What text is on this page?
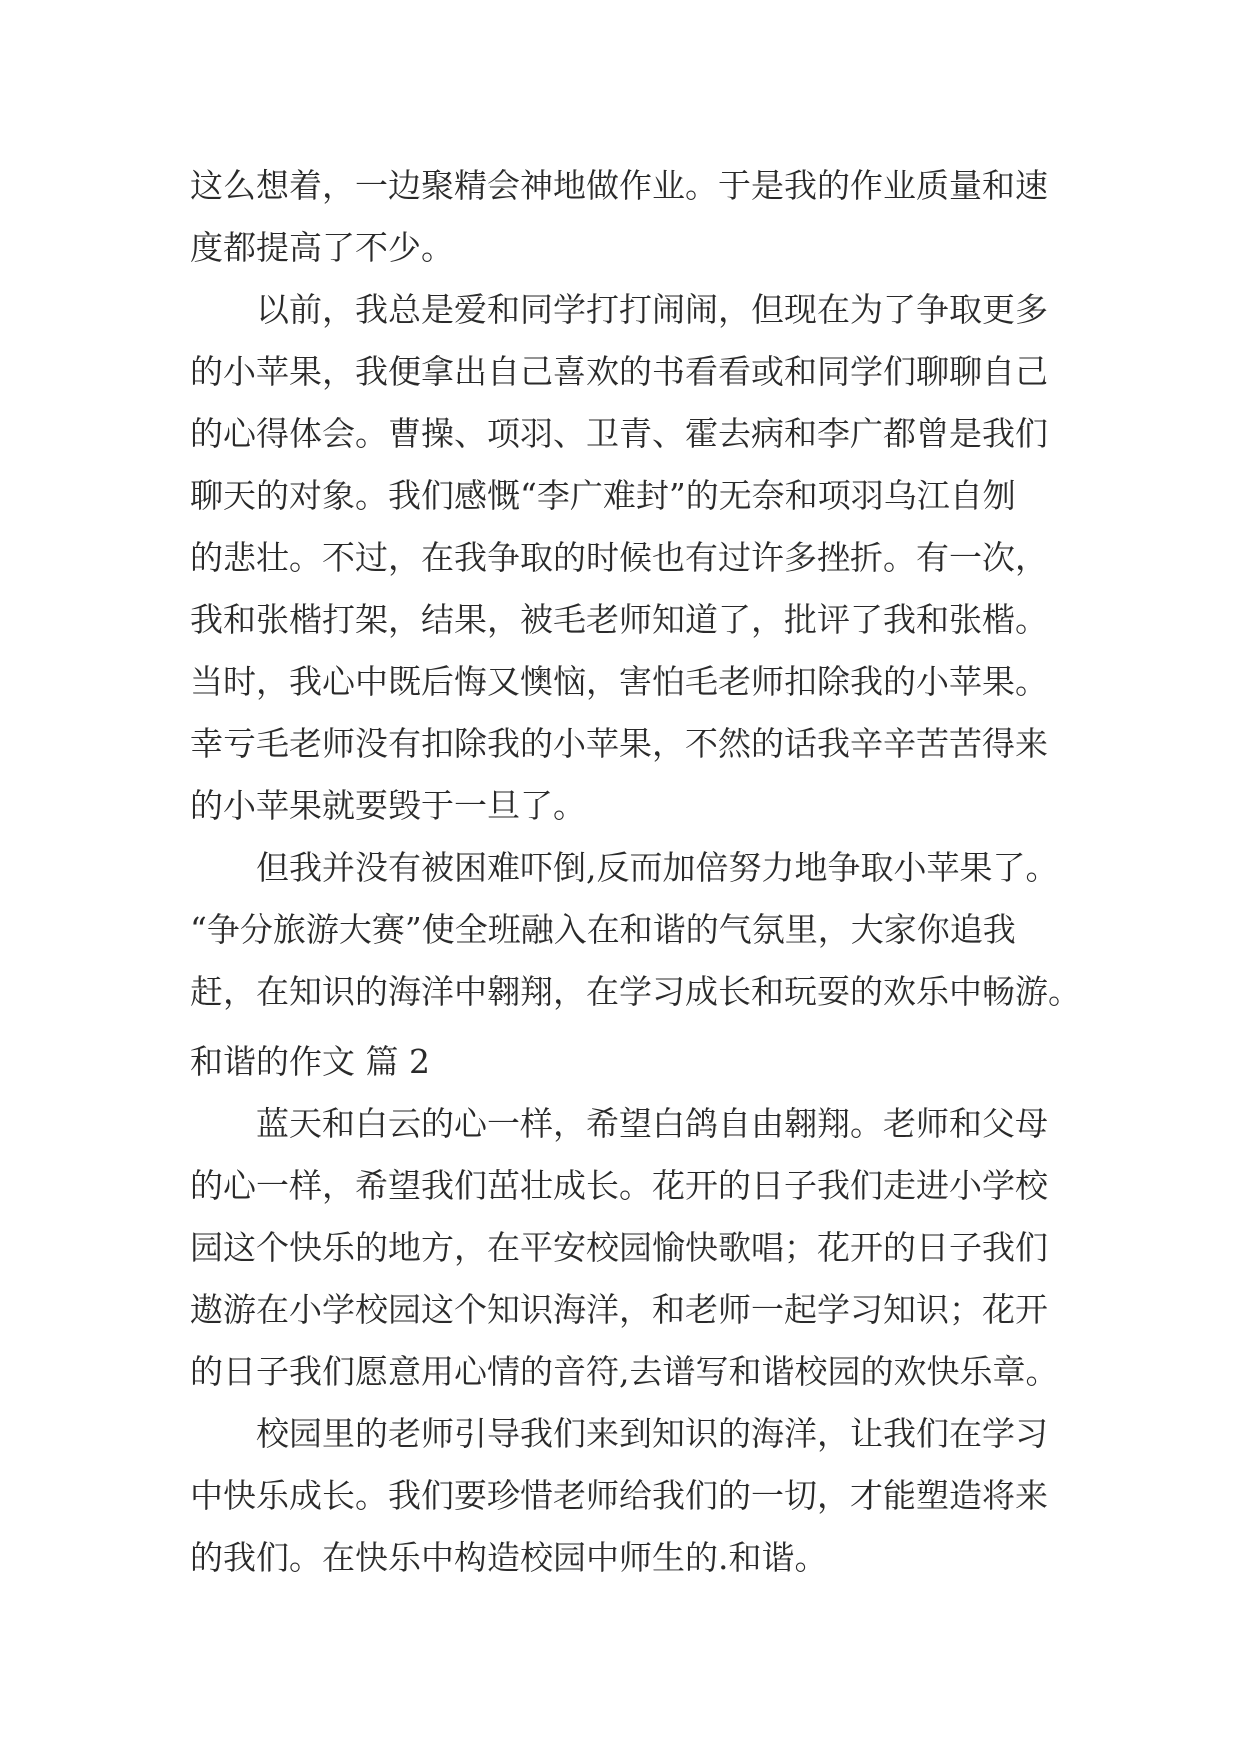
这么想着，一边聚精会神地做作业。于是我的作业质量和速
度都提高了不少。
以前，我总是爱和同学打打闹闹，但现在为了争取更多
的小苹果，我便拿出自己喜欢的书看看或和同学们聊聊自己
的心得体会。曹操、项羽、卫青、霍去病和李广都曾是我们
聊天的对象。我们感慨“李广难封”的无奈和项羽乌江自刎
的悲壮。不过，在我争取的时候也有过许多挫折。有一次，
我和张楷打架，结果，被毛老师知道了，批评了我和张楷。
当时，我心中既后悔又懊恼，害怕毛老师扣除我的小苹果。
幸亏毛老师没有扣除我的小苹果，不然的话我辛辛苦苦得来
的小苹果就要毁于一旦了。
但我并没有被困难吓倒,反而加倍努力地争取小苹果了。
“争分旅游大赛”使全班融入在和谐的气氛里，大家你追我
赶，在知识的海洋中翱翔，在学习成长和玩耍的欢乐中畅游。
和谐的作文 篇 2
蓝天和白云的心一样，希望白鸽自由翱翔。老师和父母
的心一样，希望我们茁壮成长。花开的日子我们走进小学校
园这个快乐的地方，在平安校园愉快歌唱；花开的日子我们
遨游在小学校园这个知识海洋，和老师一起学习知识；花开
的日子我们愿意用心情的音符,去谱写和谐校园的欢快乐章。
校园里的老师引导我们来到知识的海洋，让我们在学习
中快乐成长。我们要珍惜老师给我们的一切，才能塑造将来
的我们。在快乐中构造校园中师生的.和谐。
